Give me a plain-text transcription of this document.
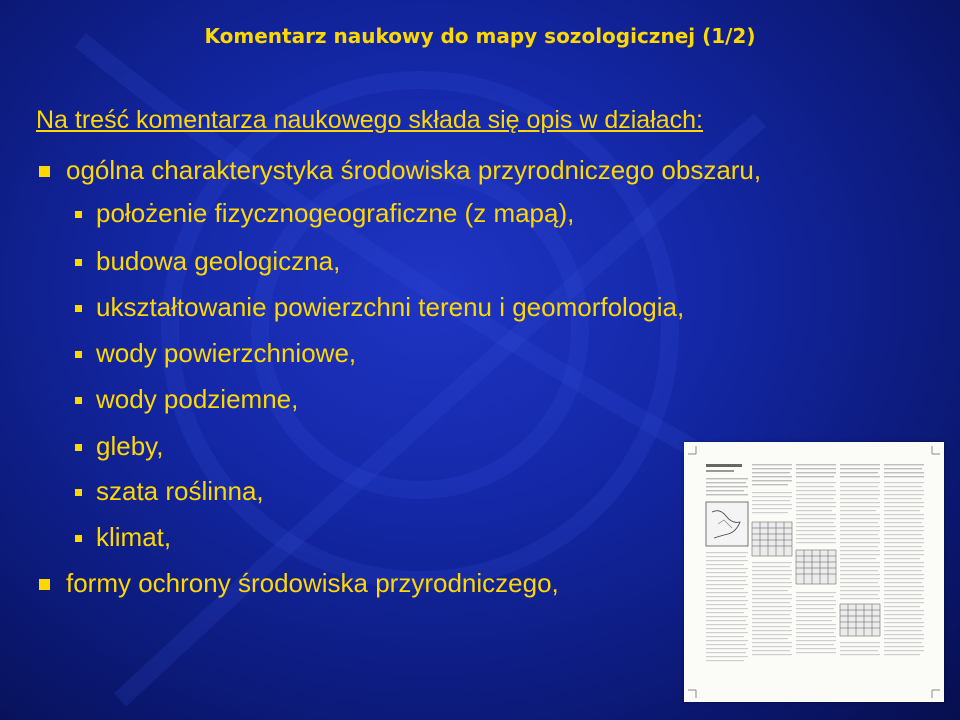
Komentarz naukowy do mapy sozologicznej (1/2)
Na treść komentarza naukowego składa się opis w działach:
ogólna charakterystyka środowiska przyrodniczego obszaru,
położenie fizycznogeograficzne (z mapą),
budowa geologiczna,
ukształtowanie powierzchni terenu i geomorfologia,
wody powierzchniowe,
wody podziemne,
gleby,
szata roślinna,
klimat,
formy ochrony środowiska przyrodniczego,
